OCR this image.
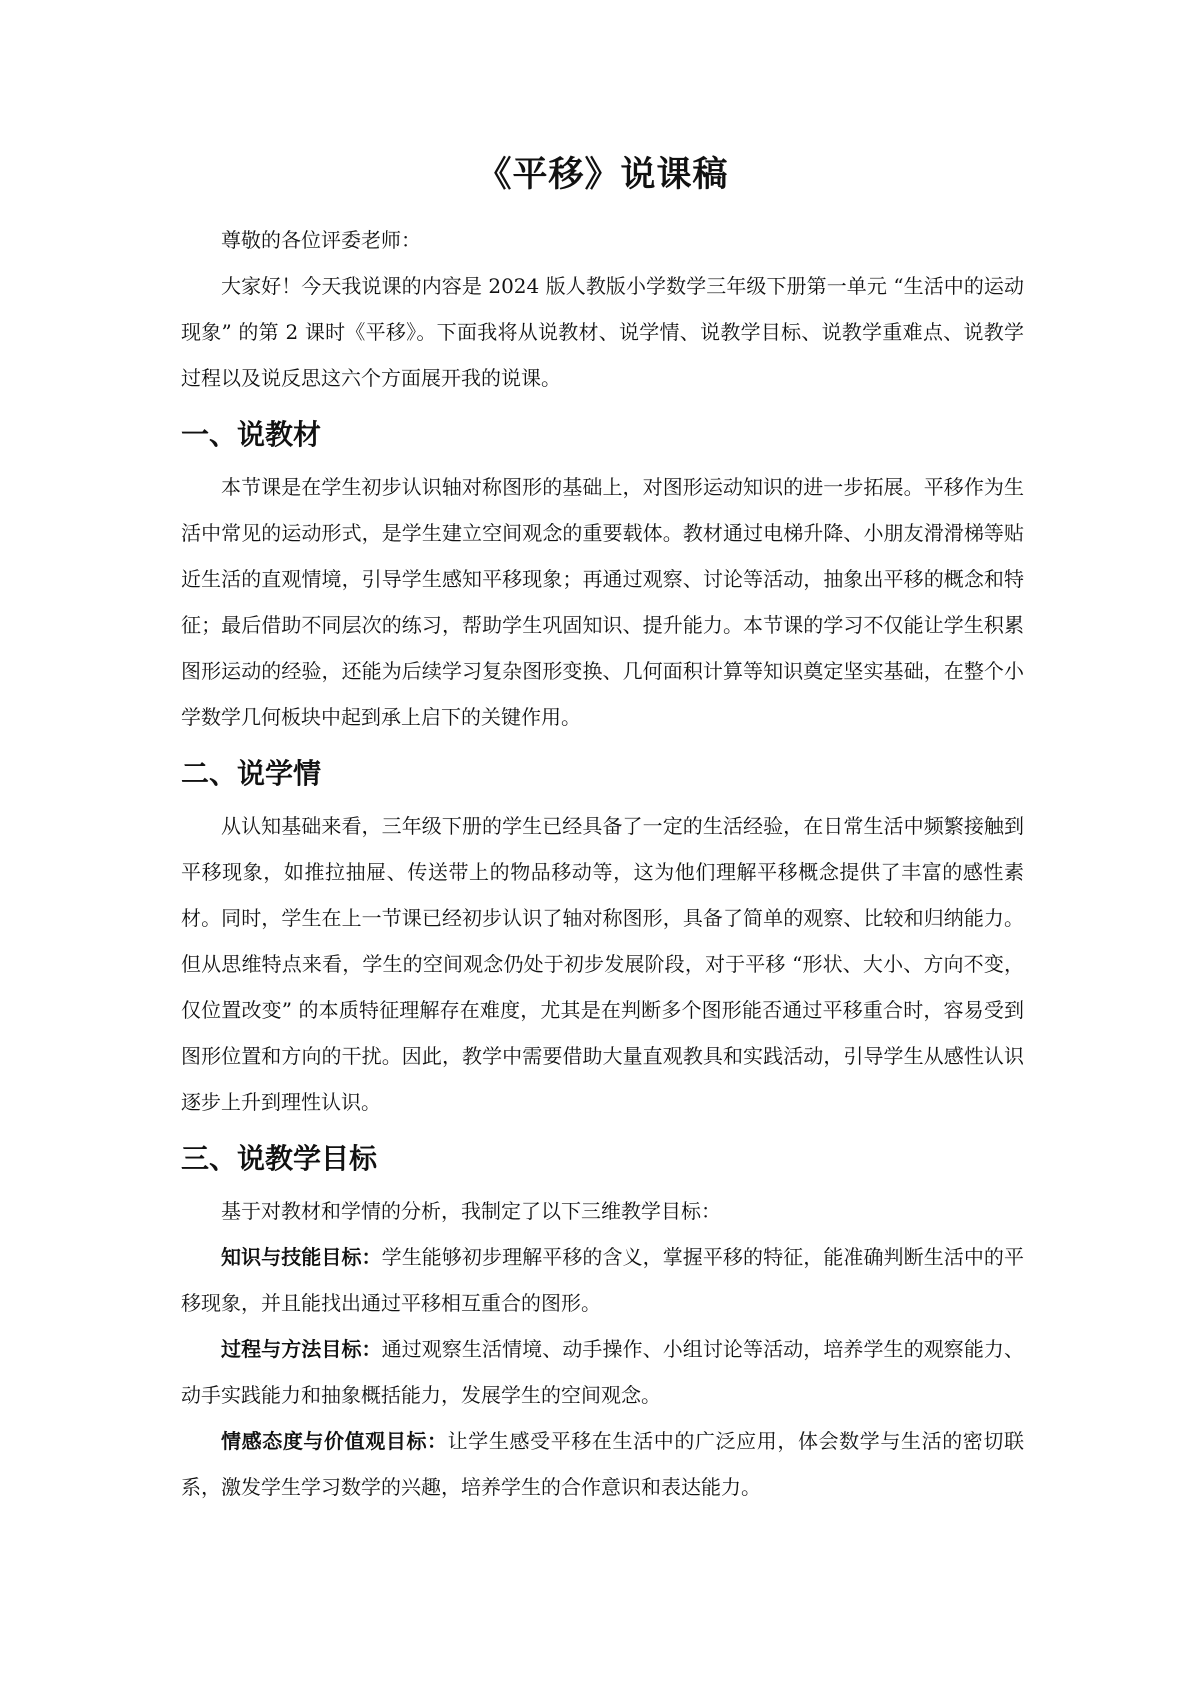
《平移》说课稿

尊敬的各位评委老师：

大家好！今天我说课的内容是 2024 版人教版小学数学三年级下册第一单元 “生活中的运动现象” 的第 2 课时《平移》。下面我将从说教材、说学情、说教学目标、说教学重难点、说教学过程以及说反思这六个方面展开我的说课。

一、说教材

本节课是在学生初步认识轴对称图形的基础上，对图形运动知识的进一步拓展。平移作为生活中常见的运动形式，是学生建立空间观念的重要载体。教材通过电梯升降、小朋友滑滑梯等贴近生活的直观情境，引导学生感知平移现象；再通过观察、讨论等活动，抽象出平移的概念和特征；最后借助不同层次的练习，帮助学生巩固知识、提升能力。本节课的学习不仅能让学生积累图形运动的经验，还能为后续学习复杂图形变换、几何面积计算等知识奠定坚实基础，在整个小学数学几何板块中起到承上启下的关键作用。

二、说学情

从认知基础来看，三年级下册的学生已经具备了一定的生活经验，在日常生活中频繁接触到平移现象，如推拉抽屉、传送带上的物品移动等，这为他们理解平移概念提供了丰富的感性素材。同时，学生在上一节课已经初步认识了轴对称图形，具备了简单的观察、比较和归纳能力。但从思维特点来看，学生的空间观念仍处于初步发展阶段，对于平移 “形状、大小、方向不变，仅位置改变” 的本质特征理解存在难度，尤其是在判断多个图形能否通过平移重合时，容易受到图形位置和方向的干扰。因此，教学中需要借助大量直观教具和实践活动，引导学生从感性认识逐步上升到理性认识。

三、说教学目标

基于对教材和学情的分析，我制定了以下三维教学目标：

知识与技能目标：学生能够初步理解平移的含义，掌握平移的特征，能准确判断生活中的平移现象，并且能找出通过平移相互重合的图形。

过程与方法目标：通过观察生活情境、动手操作、小组讨论等活动，培养学生的观察能力、动手实践能力和抽象概括能力，发展学生的空间观念。

情感态度与价值观目标：让学生感受平移在生活中的广泛应用，体会数学与生活的密切联系，激发学生学习数学的兴趣，培养学生的合作意识和表达能力。
